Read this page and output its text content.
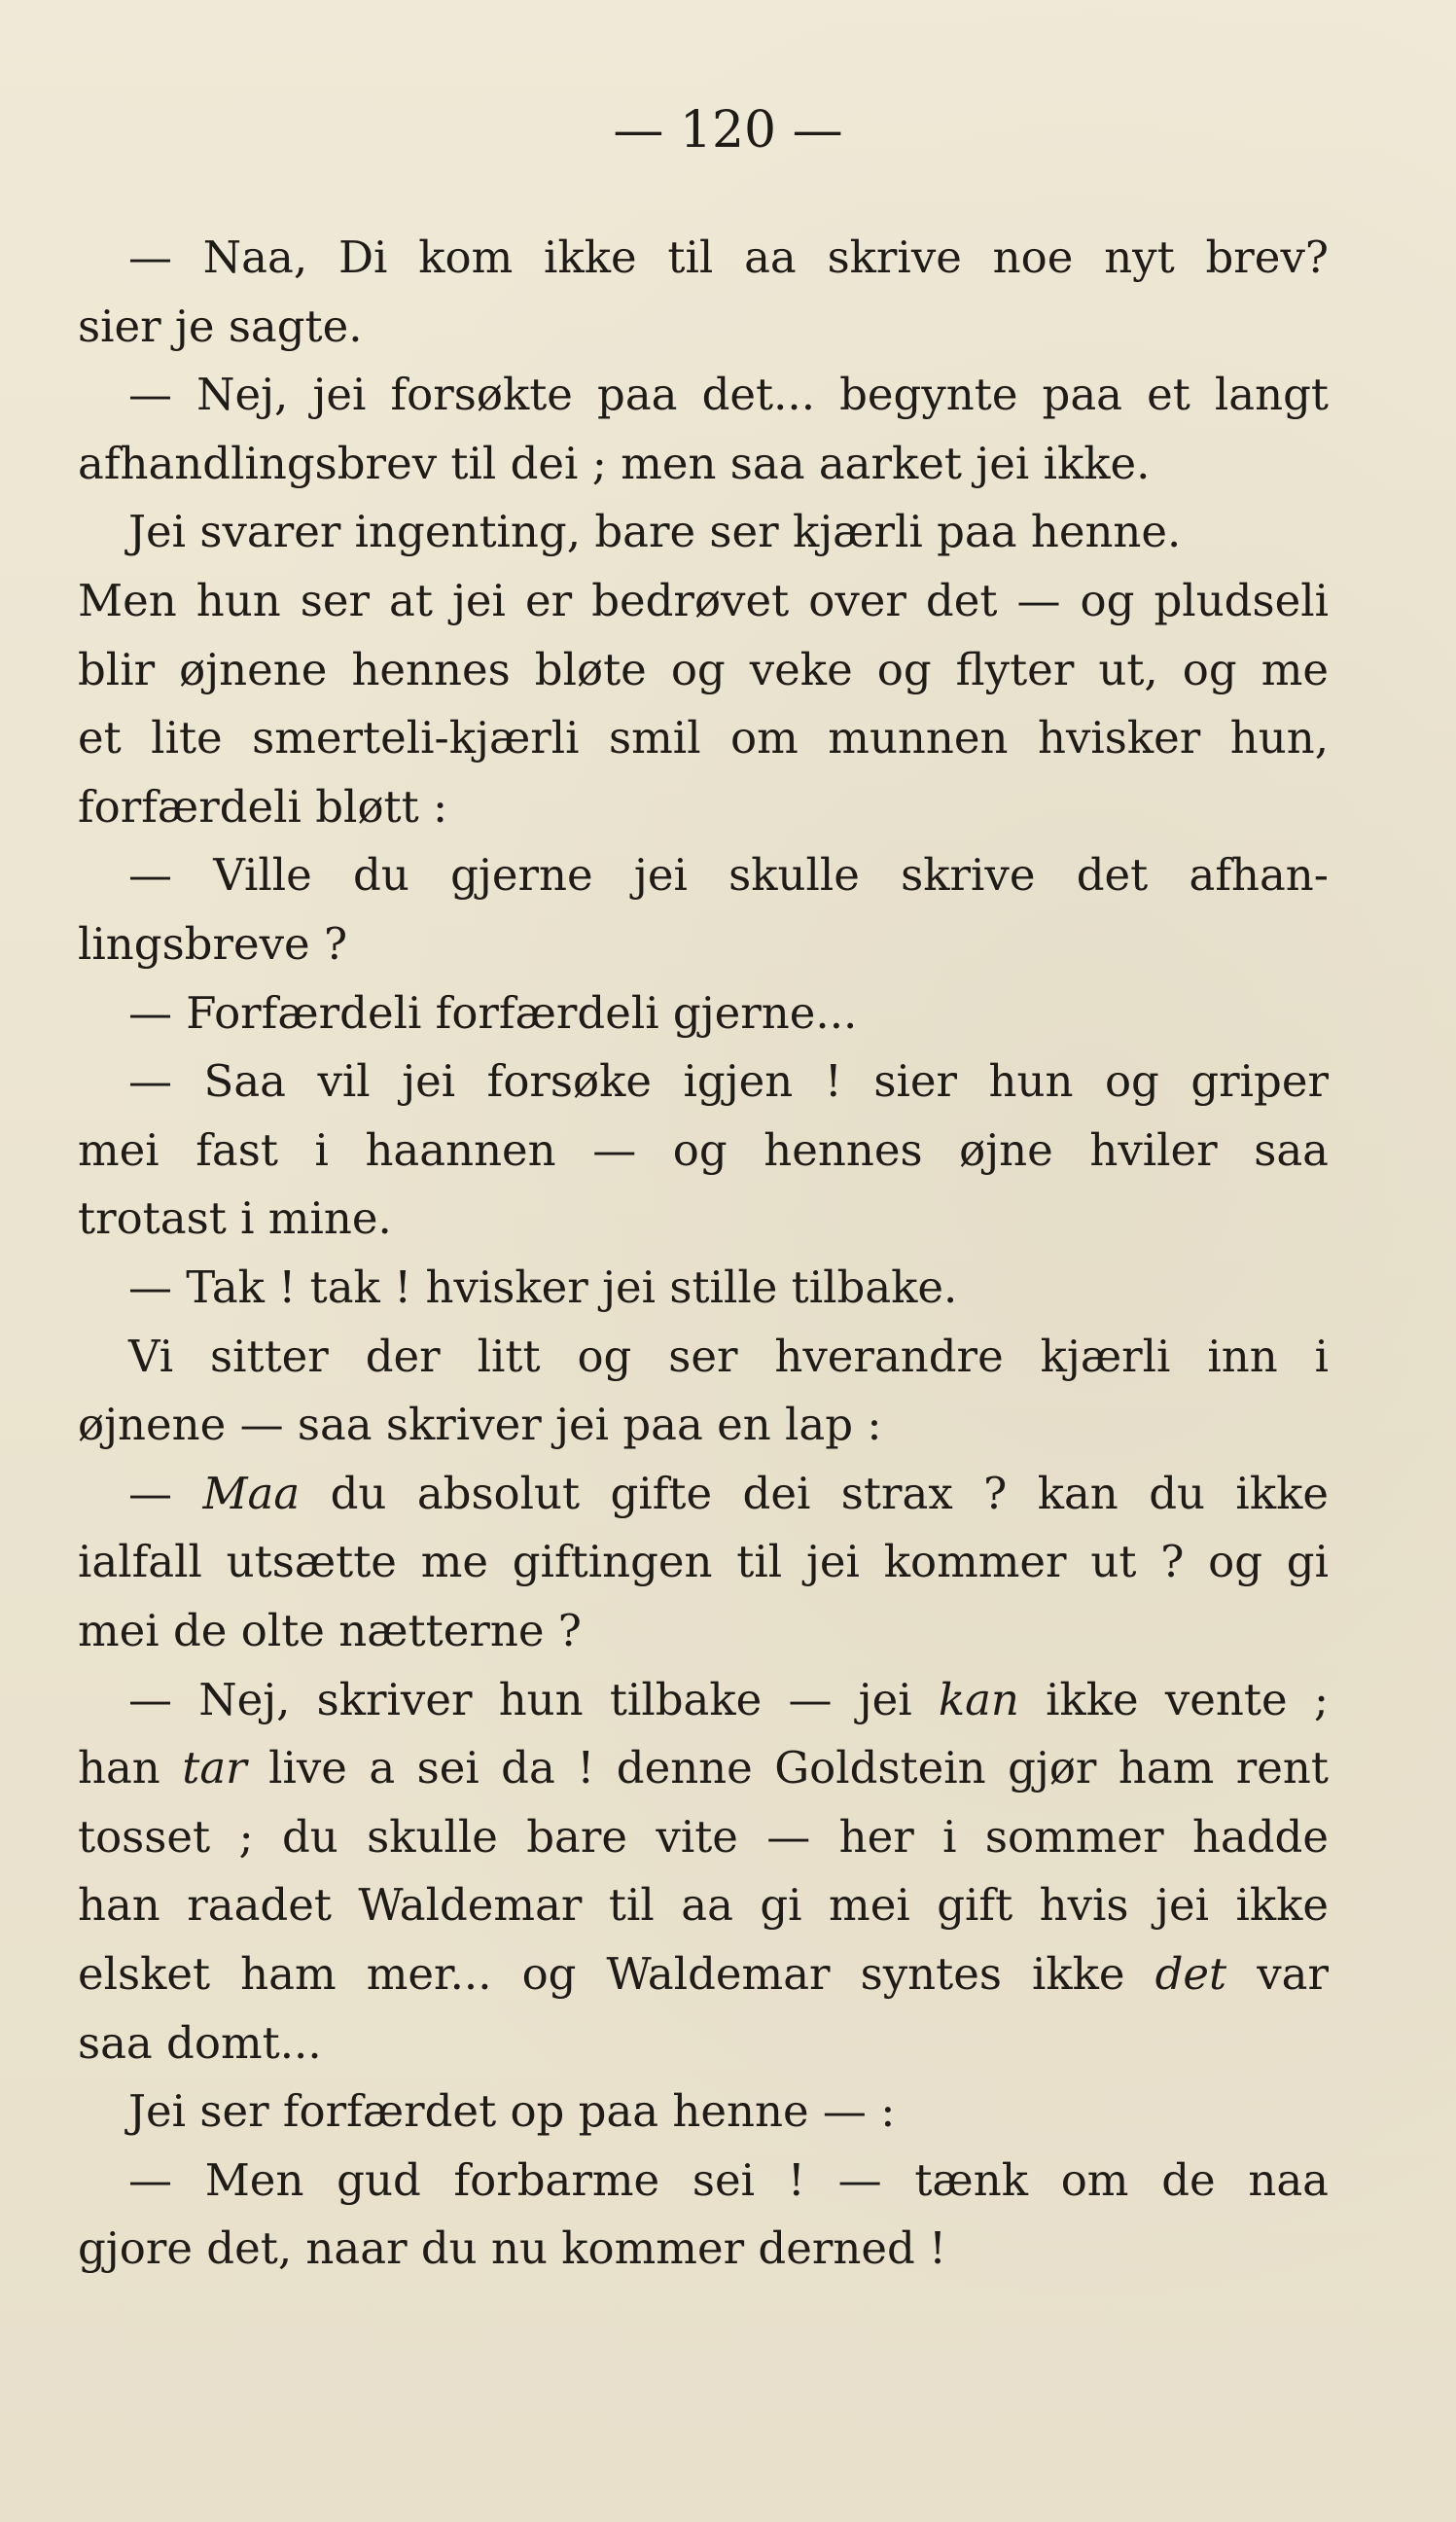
— 120 —
— Naa, Di kom ikke til aa skrive noe nyt brev?
sier je sagte.
— Nej, jei forsøkte paa det... begynte paa et langt
afhandlingsbrev til dei ; men saa aarket jei ikke.
Jei svarer ingenting, bare ser kjærli paa henne.
Men hun ser at jei er bedrøvet over det — og pludseli
blir øjnene hennes bløte og veke og flyter ut, og me
et lite smerteli-kjærli smil om munnen hvisker hun,
forfærdeli bløtt :
— Ville du gjerne jei skulle skrive det afhan-
lingsbreve ?
— Forfærdeli forfærdeli gjerne...
— Saa vil jei forsøke igjen ! sier hun og griper
mei fast i haannen — og hennes øjne hviler saa
trotast i mine.
— Tak ! tak ! hvisker jei stille tilbake.
Vi sitter der litt og ser hverandre kjærli inn i
øjnene — saa skriver jei paa en lap :
— Maa du absolut gifte dei strax ? kan du ikke
ialfall utsætte me giftingen til jei kommer ut ? og gi
mei de olte nætterne ?
— Nej, skriver hun tilbake — jei kan ikke vente ;
han tar live a sei da ! denne Goldstein gjør ham rent
tosset ; du skulle bare vite — her i sommer hadde
han raadet Waldemar til aa gi mei gift hvis jei ikke
elsket ham mer... og Waldemar syntes ikke det var
saa domt...
Jei ser forfærdet op paa henne — :
— Men gud forbarme sei ! — tænk om de naa
gjore det, naar du nu kommer derned !
